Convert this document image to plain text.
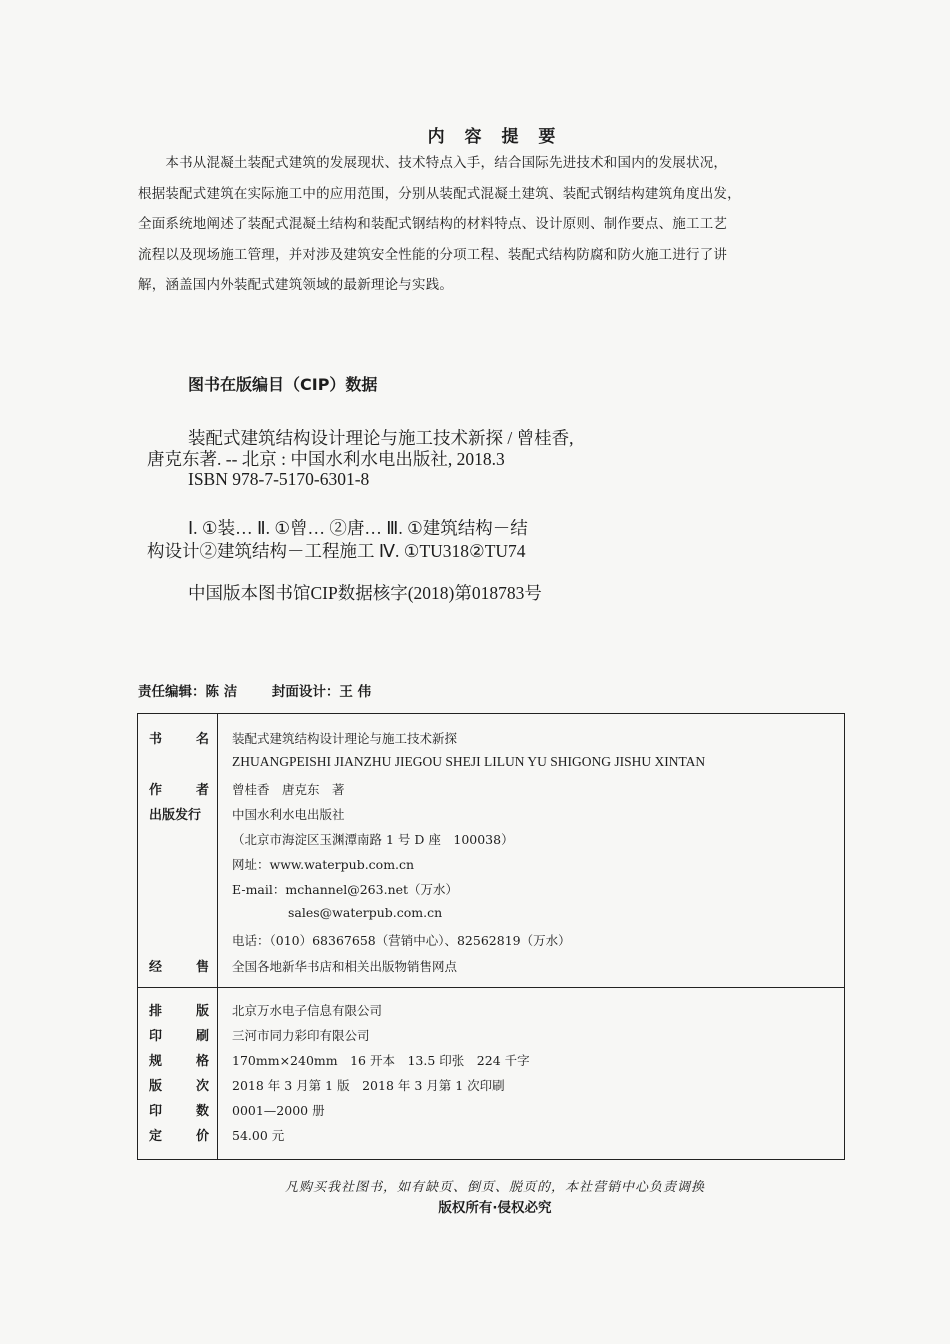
内 容 提 要

　　本书从混凝土装配式建筑的发展现状、技术特点入手，结合国际先进技术和国内的发展状况，

根据装配式建筑在实际施工中的应用范围，分别从装配式混凝土建筑、装配式钢结构建筑角度出发，

全面系统地阐述了装配式混凝土结构和装配式钢结构的材料特点、设计原则、制作要点、施工工艺

流程以及现场施工管理，并对涉及建筑安全性能的分项工程、装配式结构防腐和防火施工进行了讲

解，涵盖国内外装配式建筑领域的最新理论与实践。

图书在版编目（CIP）数据
装配式建筑结构设计理论与施工技术新探 / 曾桂香,
唐克东著. -- 北京 : 中国水利水电出版社, 2018.3
ISBN 978-7-5170-6301-8
Ⅰ. ①装… Ⅱ. ①曾… ②唐… Ⅲ. ①建筑结构－结
构设计②建筑结构－工程施工 Ⅳ. ①TU318②TU74
中国版本图书馆CIP数据核字(2018)第018783号
责任编辑：陈 洁	封面设计：王 伟
书	名 装配式建筑结构设计理论与施工技术新探
ZHUANGPEISHI JIANZHU JIEGOU SHEJI LILUN YU SHIGONG JISHU XINTAN
作	者 曾桂香　唐克东　著
出版发行	中国水利水电出版社
（北京市海淀区玉渊潭南路 1 号 D 座　100038）
网址：www.waterpub.com.cn
E-mail：mchannel@263.net（万水）
sales@waterpub.com.cn
电话：（010）68367658（营销中心）、82562819（万水）
经	售 全国各地新华书店和相关出版物销售网点
排	版 北京万水电子信息有限公司
印	刷 三河市同力彩印有限公司
规	格 170mm×240mm　16 开本　13.5 印张　224 千字
版	次 2018 年 3 月第 1 版　2018 年 3 月第 1 次印刷
印	数 0001—2000 册
定	价 54.00 元
凡购买我社图书，如有缺页、倒页、脱页的，本社营销中心负责调换
版权所有·侵权必究
